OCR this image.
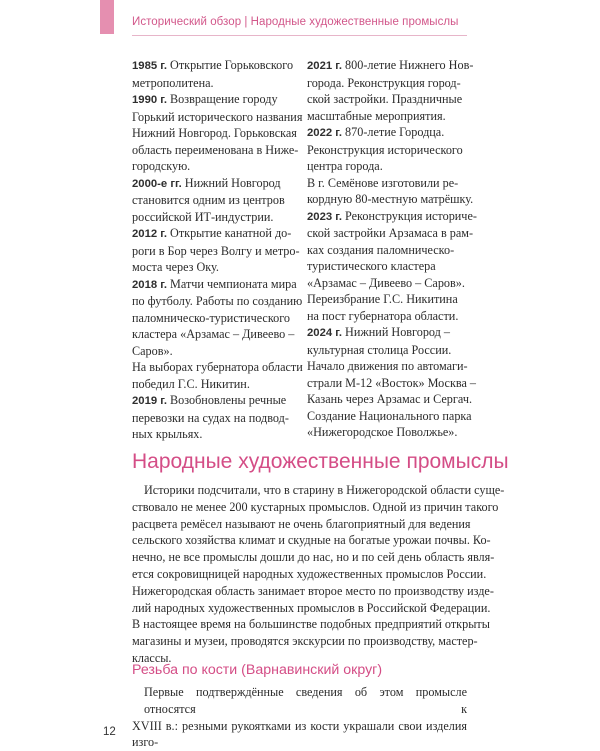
Исторический обзор | Народные художественные промыслы
1985 г. Открытие Горьковского
метрополитена.
1990 г. Возвращение городу
Горький исторического названия
Нижний Новгород. Горьковская
область переименована в Ниже-
городскую.
2000-е гг. Нижний Новгород
становится одним из центров
российской ИТ-индустрии.
2012 г. Открытие канатной до-
роги в Бор через Волгу и метро-
моста через Оку.
2018 г. Матчи чемпионата мира
по футболу. Работы по созданию
паломническо-туристического
кластера «Арзамас – Дивеево –
Саров».
На выборах губернатора области
победил Г.С. Никитин.
2019 г. Возобновлены речные
перевозки на судах на подвод-
ных крыльях.
2021 г. 800-летие Нижнего Нов-
города. Реконструкция город-
ской застройки. Праздничные
масштабные мероприятия.
2022 г. 870-летие Городца.
Реконструкция исторического
центра города.
В г. Семёнове изготовили ре-
кордную 80-местную матрёшку.
2023 г. Реконструкция историче-
ской застройки Арзамаса в рам-
ках создания паломническо-
туристического кластера
«Арзамас – Дивеево – Саров».
Переизбрание Г.С. Никитина
на пост губернатора области.
2024 г. Нижний Новгород –
культурная столица России.
Начало движения по автомаги-
страли М-12 «Восток» Москва –
Казань через Арзамас и Сергач.
Создание Национального парка
«Нижегородское Поволжье».
Народные художественные промыслы
Историки подсчитали, что в старину в Нижегородской области суще-
ствовало не менее 200 кустарных промыслов. Одной из причин такого
расцвета ремёсел называют не очень благоприятный для ведения
сельского хозяйства климат и скудные на богатые урожаи почвы. Ко-
нечно, не все промыслы дошли до нас, но и по сей день область явля-
ется сокровищницей народных художественных промыслов России.
Нижегородская область занимает второе место по производству изде-
лий народных художественных промыслов в Российской Федерации.
В настоящее время на большинстве подобных предприятий открыты
магазины и музеи, проводятся экскурсии по производству, мастер-
классы.
Резьба по кости (Варнавинский округ)
Первые подтверждённые сведения об этом промысле относятся к
XVIII в.: резными рукоятками из кости украшали свои изделия изго-
12
